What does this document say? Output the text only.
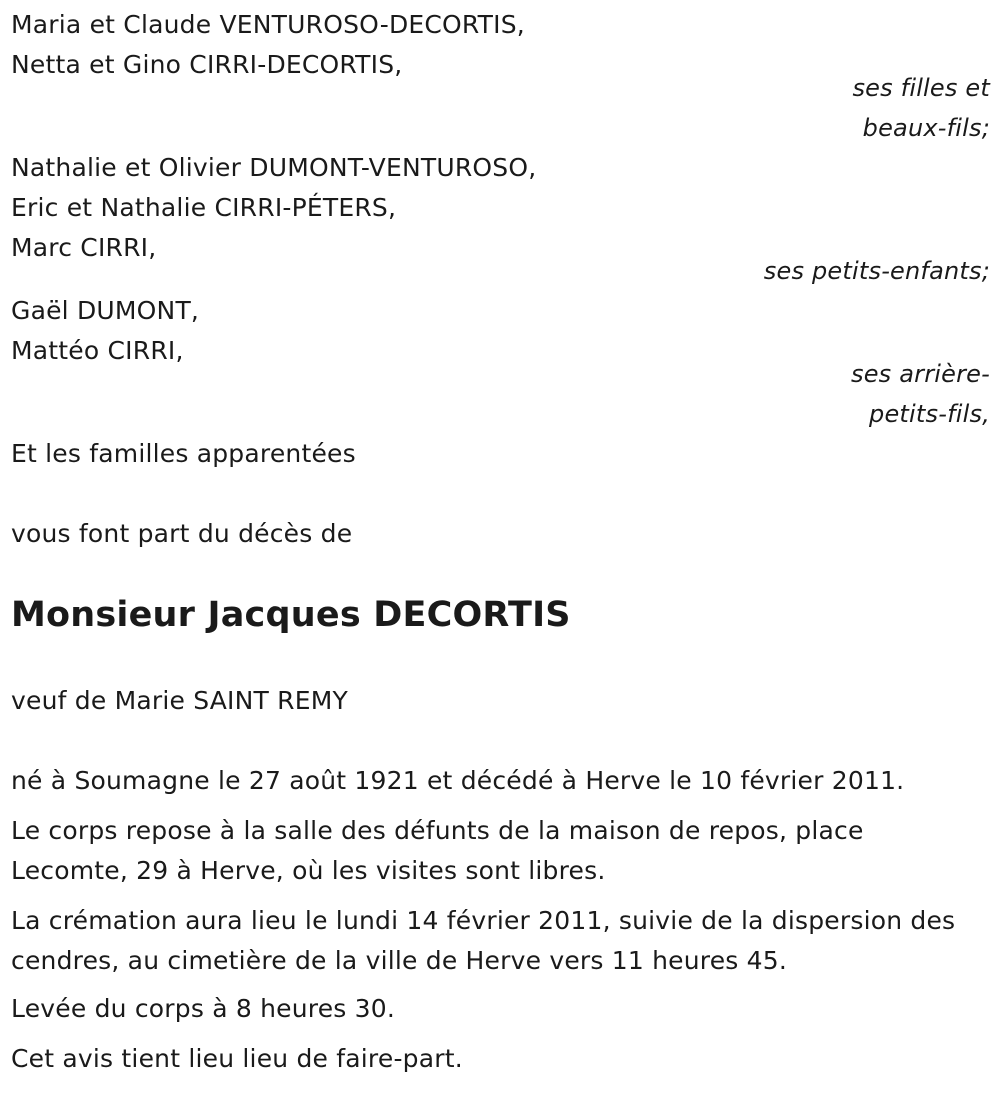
Maria et Claude VENTUROSO-DECORTIS,
Netta et Gino CIRRI-DECORTIS,
ses filles et
beaux-fils;
Nathalie et Olivier DUMONT-VENTUROSO,
Eric et Nathalie CIRRI-PÉTERS,
Marc CIRRI,
ses petits-enfants;
Gaël DUMONT,
Mattéo CIRRI,
ses arrière-
petits-fils,
Et les familles apparentées
vous font part du décès de
Monsieur Jacques DECORTIS
veuf de Marie SAINT REMY
né à Soumagne le 27 août 1921 et décédé à Herve le 10 février 2011.
Le corps repose à la salle des défunts de la maison de repos, place
Lecomte, 29 à Herve, où les visites sont libres.
La crémation aura lieu le lundi 14 février 2011, suivie de la dispersion des
cendres, au cimetière de la ville de Herve vers 11 heures 45.
Levée du corps à 8 heures 30.
Cet avis tient lieu lieu de faire-part.
